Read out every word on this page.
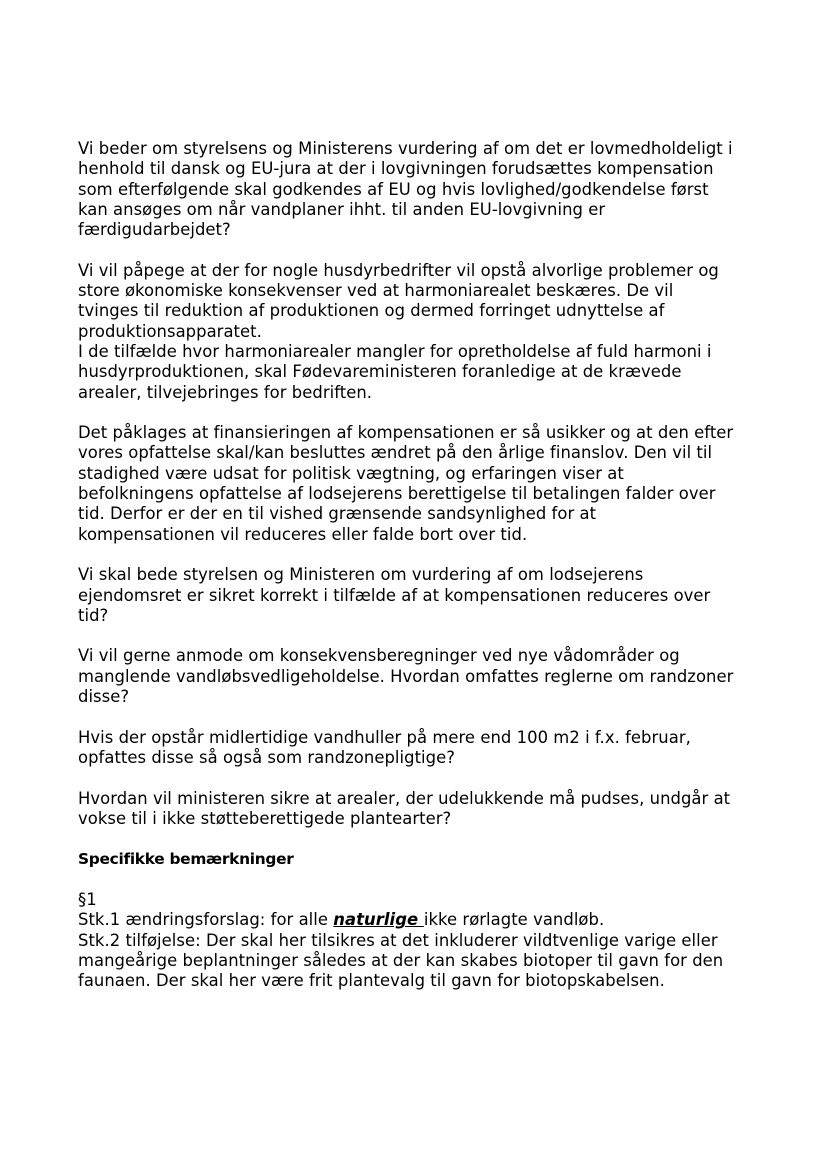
Vi beder om styrelsens og Ministerens vurdering af om det er lovmedholdeligt i
henhold til dansk og EU-jura at der i lovgivningen forudsættes kompensation
som efterfølgende skal godkendes af EU og hvis lovlighed/godkendelse først
kan ansøges om når vandplaner ihht. til anden EU-lovgivning er
færdigudarbejdet?
Vi vil påpege at der for nogle husdyrbedrifter vil opstå alvorlige problemer og
store økonomiske konsekvenser ved at harmoniarealet beskæres. De vil
tvinges til reduktion af produktionen og dermed forringet udnyttelse af
produktionsapparatet.
I de tilfælde hvor harmoniarealer mangler for opretholdelse af fuld harmoni i
husdyrproduktionen, skal Fødevareministeren foranledige at de krævede
arealer, tilvejebringes for bedriften.
Det påklages at finansieringen af kompensationen er så usikker og at den efter
vores opfattelse skal/kan besluttes ændret på den årlige finanslov. Den vil til
stadighed være udsat for politisk vægtning, og erfaringen viser at
befolkningens opfattelse af lodsejerens berettigelse til betalingen falder over
tid. Derfor er der en til vished grænsende sandsynlighed for at
kompensationen vil reduceres eller falde bort over tid.
Vi skal bede styrelsen og Ministeren om vurdering af om lodsejerens
ejendomsret er sikret korrekt i tilfælde af at kompensationen reduceres over
tid?
Vi vil gerne anmode om konsekvensberegninger ved nye vådområder og
manglende vandløbsvedligeholdelse. Hvordan omfattes reglerne om randzoner
disse?
Hvis der opstår midlertidige vandhuller på mere end 100 m2 i f.x. februar,
opfattes disse så også som randzonepligtige?
Hvordan vil ministeren sikre at arealer, der udelukkende må pudses, undgår at
vokse til i ikke støtteberettigede plantearter?
Specifikke bemærkninger
§1
Stk.1 ændringsforslag: for alle naturlige ikke rørlagte vandløb.
Stk.2 tilføjelse: Der skal her tilsikres at det inkluderer vildtvenlige varige eller
mangeårige beplantninger således at der kan skabes biotoper til gavn for den
faunaen. Der skal her være frit plantevalg til gavn for biotopskabelsen.
